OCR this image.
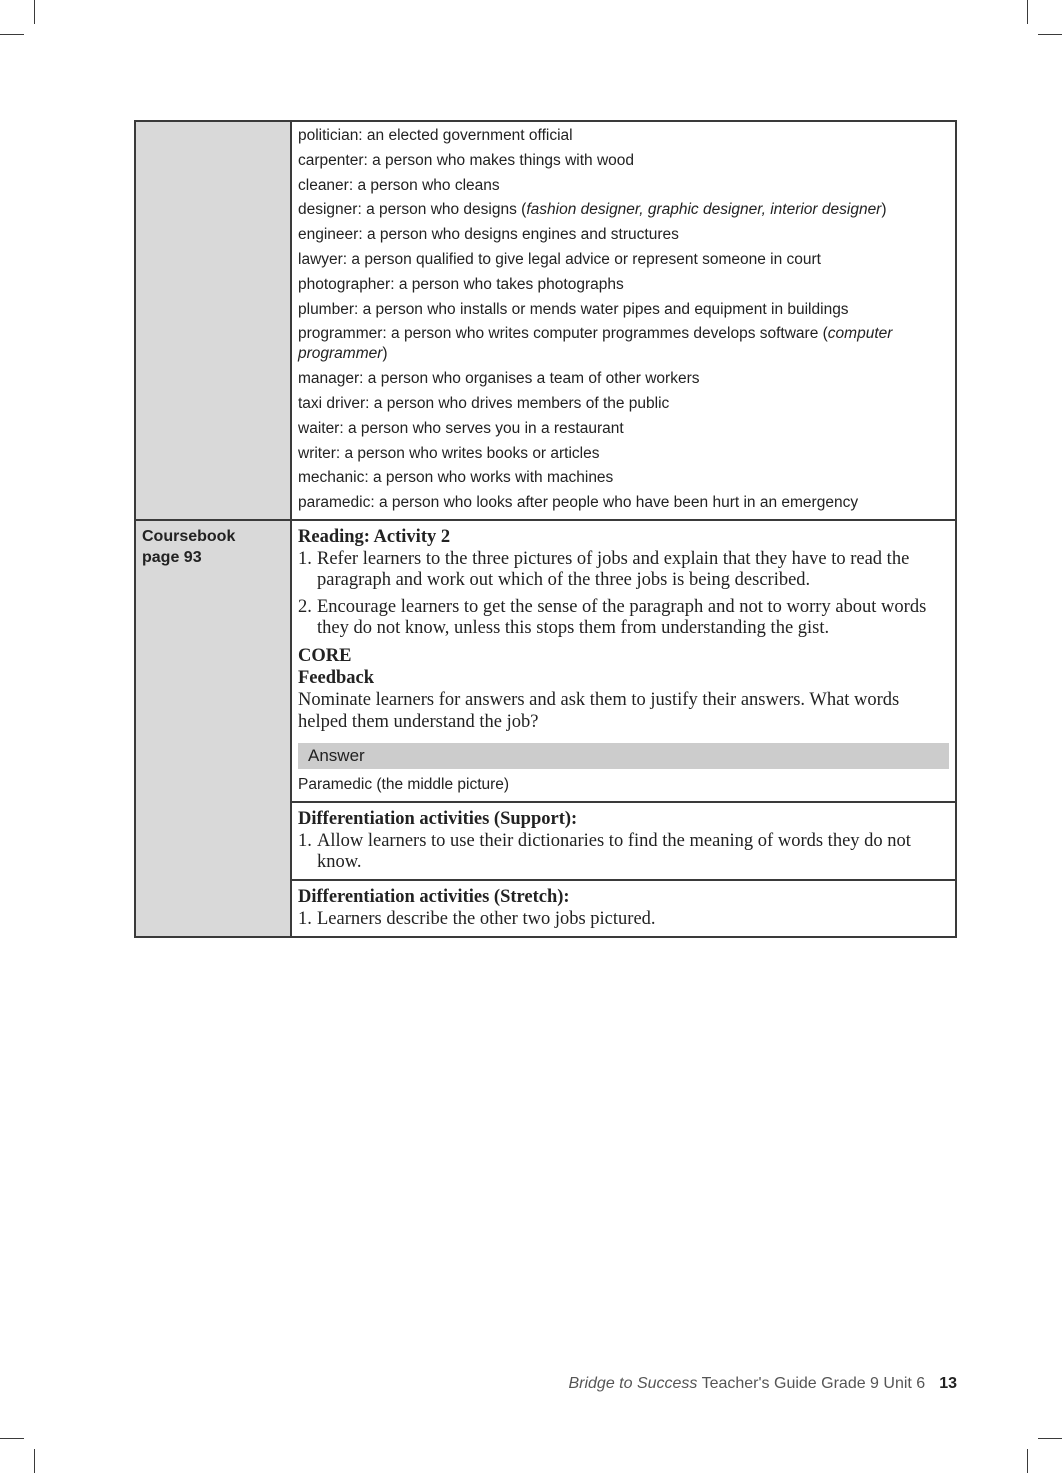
politician: an elected government official
carpenter: a person who makes things with wood
cleaner: a person who cleans
designer: a person who designs (fashion designer, graphic designer, interior designer)
engineer: a person who designs engines and structures
lawyer: a person qualified to give legal advice or represent someone in court
photographer: a person who takes photographs
plumber: a person who installs or mends water pipes and equipment in buildings
programmer: a person who writes computer programmes develops software (computer programmer)
manager: a person who organises a team of other workers
taxi driver: a person who drives members of the public
waiter: a person who serves you in a restaurant
writer: a person who writes books or articles
mechanic: a person who works with machines
paramedic: a person who looks after people who have been hurt in an emergency
Coursebook
page 93
Reading: Activity 2
1. Refer learners to the three pictures of jobs and explain that they have to read the paragraph and work out which of the three jobs is being described.
2. Encourage learners to get the sense of the paragraph and not to worry about words they do not know, unless this stops them from understanding the gist.
CORE
Feedback
Nominate learners for answers and ask them to justify their answers. What words helped them understand the job?
Answer
Paramedic (the middle picture)
Differentiation activities (Support):
1. Allow learners to use their dictionaries to find the meaning of words they do not know.
Differentiation activities (Stretch):
1. Learners describe the other two jobs pictured.
Bridge to Success Teacher's Guide Grade 9 Unit 6 13
